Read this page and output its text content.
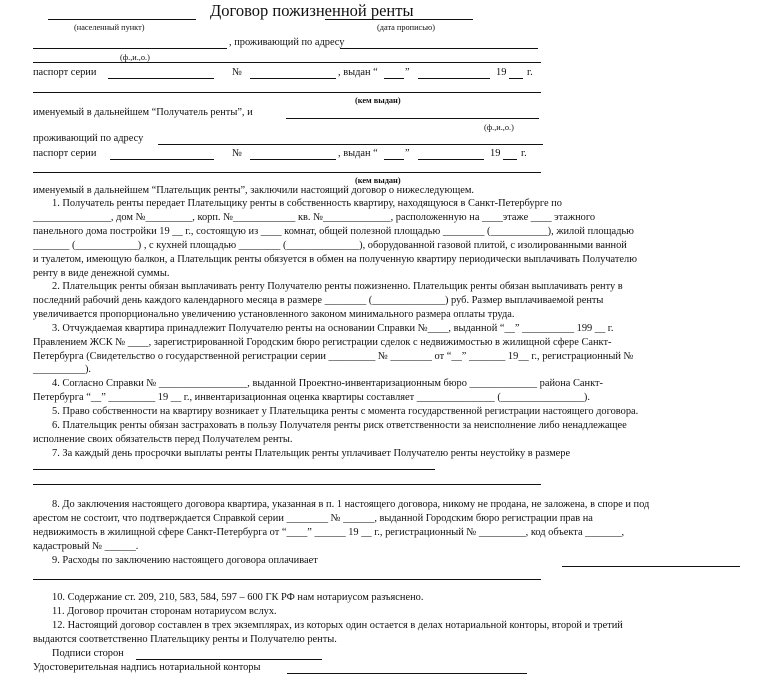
Договор пожизненной ренты
(населенный пункт)	(дата прописью)
, проживающий по адресу
(ф.,и.,о.)
паспорт серии	№	, выдан “	”	19 г.
(кем выдан)
именуемый в дальнейшем “Получатель ренты”, и
(ф.,и.,о.)
проживающий по адресу
паспорт серии	№	, выдан “	”	19 г.
(кем выдан)
именуемый в дальнейшем “Плательщик ренты”, заключили настоящий договор о нижеследующем.
1. Получатель ренты передает Плательщику ренты в собственность квартиру, находящуюся в Санкт-Петербурге по
_______________, дом №_________, корп. №____________ кв. №_____________, расположенную на ____этаже ____ этажного
панельного дома постройки 19 __ г., состоящую из ____ комнат, общей полезной площадью ________ (___________), жилой площадью
_______ (____________) , с кухней площадью ________ (______________), оборудованной газовой плитой, с изолированными ванной
и туалетом, имеющую балкон, а Плательщик ренты обязуется в обмен на полученную квартиру периодически выплачивать Получателю
ренту в виде денежной суммы.
2. Плательщик ренты обязан выплачивать ренту Получателю ренты пожизненно. Плательщик ренты обязан выплачивать ренту в
последний рабочий день каждого календарного месяца в размере ________ (______________) руб. Размер выплачиваемой ренты
увеличивается пропорционально увеличению установленного законом минимального размера оплаты труда.
3. Отчуждаемая квартира принадлежит Получателю ренты на основании Справки №____, выданной “__” __________ 199 __ г.
Правлением ЖСК № ____, зарегистрированной Городским бюро регистрации сделок с недвижимостью в жилищной сфере Санкт-
Петербурга (Свидетельство о государственной регистрации серии _________ № ________ от “__” _______ 19__ г., регистрационный №
__________).
4. Согласно Справки № _________________, выданной Проектно-инвентаризационным бюро _____________ района Санкт-
Петербурга “__” _________ 19 __ г., инвентаризационная оценка квартиры составляет _______________ (________________).
5. Право собственности на квартиру возникает у Плательщика ренты с момента государственной регистрации настоящего договора.
6. Плательщик ренты обязан застраховать в пользу Получателя ренты риск ответственности за неисполнение либо ненадлежащее
исполнение своих обязательств перед Получателем ренты.
7. За каждый день просрочки выплаты ренты Плательщик ренты уплачивает Получателю ренты неустойку в размере
8. До заключения настоящего договора квартира, указанная в п. 1 настоящего договора, никому не продана, не заложена, в споре и под
арестом не состоит, что подтверждается Справкой серии ________ № ______, выданной Городским бюро регистрации прав на
недвижимость в жилищной сфере Санкт-Петербурга от “____” ______ 19 __ г., регистрационный № _________, код объекта _______,
кадастровый № ______.
9. Расходы по заключению настоящего договора оплачивает
10. Содержание ст. 209, 210, 583, 584, 597 – 600 ГК РФ нам нотариусом разъяснено.
11. Договор прочитан сторонам нотариусом вслух.
12. Настоящий договор составлен в трех экземплярах, из которых один остается в делах нотариальной конторы, второй и третий
выдаются соответственно Плательщику ренты и Получателю ренты.
Подписи сторон
Удостоверительная надпись нотариальной конторы
